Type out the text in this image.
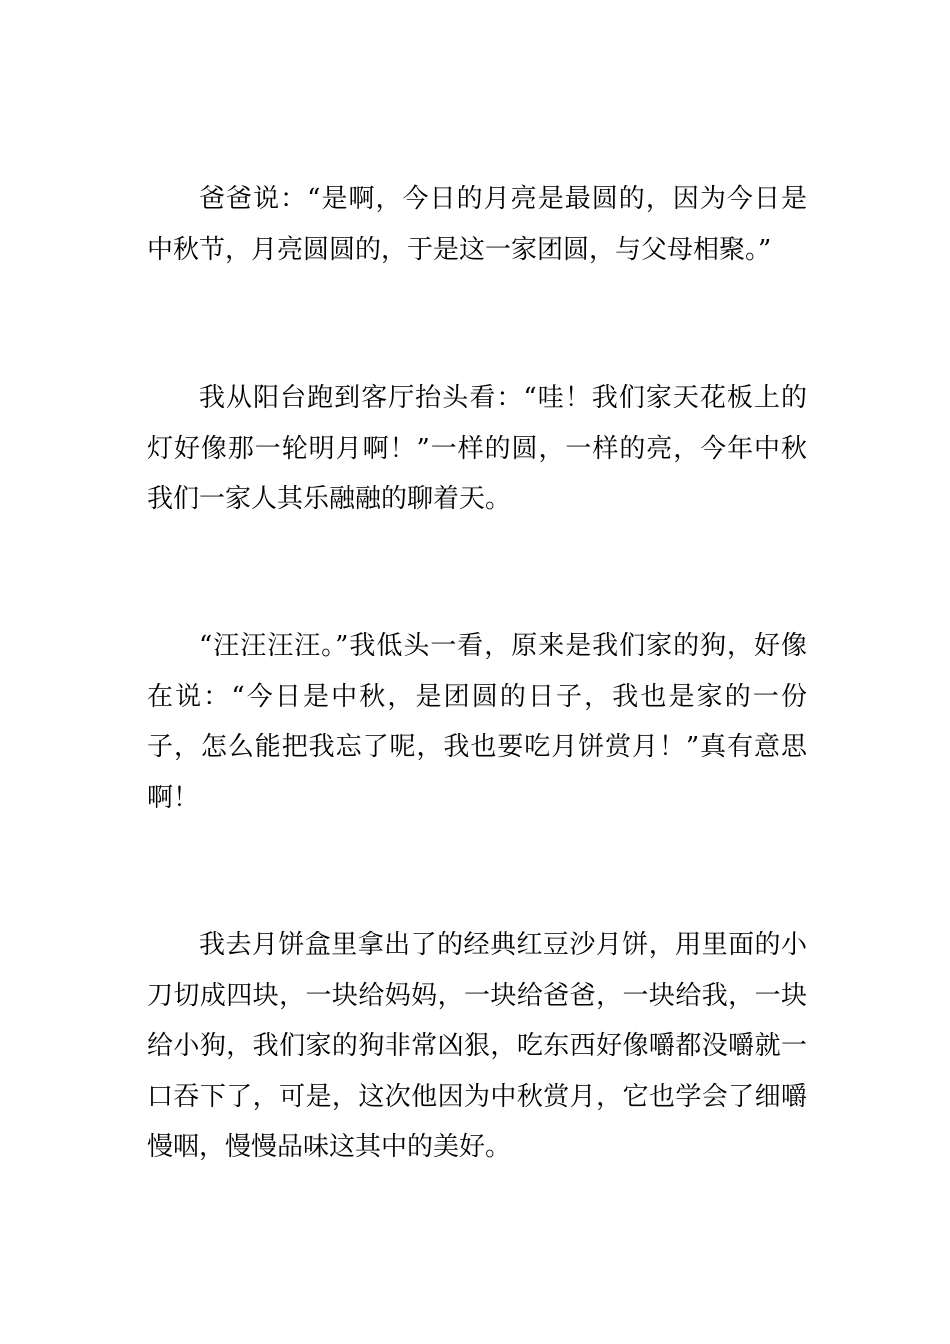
爸爸说：“是啊，今日的月亮是最圆的，因为今日是中秋节，月亮圆圆的，于是这一家团圆，与父母相聚。”

我从阳台跑到客厅抬头看：“哇！我们家天花板上的灯好像那一轮明月啊！”一样的圆，一样的亮，今年中秋我们一家人其乐融融的聊着天。

“汪汪汪汪。”我低头一看，原来是我们家的狗，好像在说：“今日是中秋，是团圆的日子，我也是家的一份子，怎么能把我忘了呢，我也要吃月饼赏月！”真有意思啊！

我去月饼盒里拿出了的经典红豆沙月饼，用里面的小刀切成四块，一块给妈妈，一块给爸爸，一块给我，一块给小狗，我们家的狗非常凶狠，吃东西好像嚼都没嚼就一口吞下了，可是，这次他因为中秋赏月，它也学会了细嚼慢咽，慢慢品味这其中的美好。
